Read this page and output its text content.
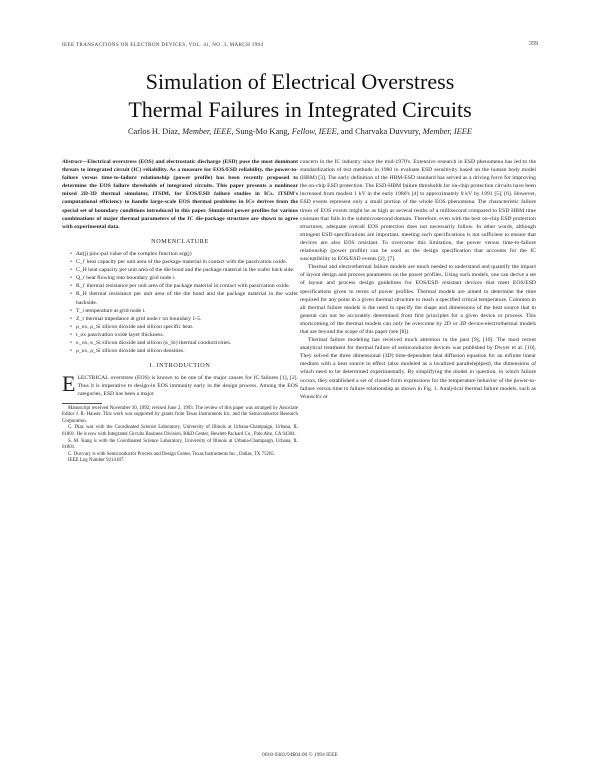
IEEE TRANSACTIONS ON ELECTRON DEVICES, VOL. 41, NO. 3, MARCH 1994	359
Simulation of Electrical Overstress
Thermal Failures in Integrated Circuits
Carlos H. Díaz, Member, IEEE, Sung-Mo Kang, Fellow, IEEE, and Charvaka Duvvury, Member, IEEE
Abstract—Electrical overstress (EOS) and electrostatic discharge (ESD) pose the most dominant threats to integrated circuit (IC) reliability. As a measure for EOS/ESD reliability, the power-to-failure versus time-to-failure relationship (power profile) has been recently proposed to determine the EOS failure thresholds of integrated circuits. This paper presents a nonlinear mixed 2D-3D thermal simulator, iTSIM, for EOS/ESD failure studies in ICs. iTSIM's computational efficiency to handle large-scale EOS thermal problems in ICs derives from the special set of boundary conditions introduced in this paper. Simulated power profiles for various combinations of major thermal parameters of the IC die-package structure are shown to agree with experimental data.
NOMENCLATURE
• Δα(j) pinc-pal value of the complex function arg(j)
• C_i' heat capacity per unit area of the package material in contact with the passivation oxide.
• C_H heat capacity per unit area of the die bond and the package material in the wafer back side.
• Q_r heat flowing into boundary grid node r.
• R_i' thermal resistance per unit area of the package material in contact with passivation oxide.
• R_H thermal resistance per unit area of the die bond and the package material in the wafer backside.
• T_i temperature at grid node i.
• Z_r thermal impedance at grid node r on boundary 1-5.
• ρ_ox, ρ_Si silicon dioxide and silicon specific heat.
• t_ox passivation oxide layer thickness.
• κ_ox, κ_Si silicon dioxide and silicon (κ_Si) thermal conductivities.
• ρ_ox, ρ_Si silicon dioxide and silicon densities.
I. INTRODUCTION

ELECTRICAL overstress (EOS) is known to be one of the major causes for IC failures [1], [2]. Thus it is imperative to design-in EOS immunity early in the design process. Among the EOS categories, ESD has been a major

Manuscript received November 30, 1992; revised June 2, 1993. The review of this paper was arranged by Associate Editor J. R. Hauser. This work was supported by grants from Texas Instruments Inc. and the Semiconductor Research Corporation.

C. Díaz was with the Coordinated Science Laboratory, University of Illinois at Urbana-Champaign, Urbana, IL 61801. He is now with Integrated Circuits Business Division, R&D Center, Hewlett-Packard Co., Palo Alto, CA 94304.

S. M. Kang is with the Coordinated Science Laboratory, University of Illinois at Urbana-Champaign, Urbana, IL 61801.

C. Duvvury is with Semiconductor Process and Design Center, Texas Instruments Inc., Dallas, TX 75265.

IEEE Log Number 9214187.

concern in the IC industry since the mid-1970's. Extensive research in ESD phenomena has led to the standardization of test methods in 1980 to evaluate ESD sensitivity based on the human body model (HBM) [3]. The early definition of the HBM-ESD standard has served as a driving force for improving the on-chip ESD protection. The ESD-HBM failure thresholds for on-chip protection circuits have been increased from modest 1 kV in the early 1980's [4] to approximately 8 kV by 1991 [5], [6]. However, ESD events represent only a small portion of the whole EOS phenomena. The characteristic failure times of EOS events might be as high as several tenths of a millisecond compared to ESD HBM time constant that falls in the submicrosecond domain. Therefore, even with the best on-chip ESD protection structures, adequate overall EOS protection does not necessarily follow. In other words, although stringent ESD specifications are important, meeting such specifications is not sufficient to ensure that devices are also EOS resistant. To overcome this limitation, the power versus time-to-failure relationship (power profile) can be used as the design specification that accounts for the IC susceptibility to EOS/ESD events [2], [7].

Thermal and electrothermal failure models are much needed to understand and quantify the impact of layout design and process parameters on the power profiles. Using such models, one can derive a set of layout and process design guidelines for EOS/ESD resistant devices that meet EOS/ESD specifications given in terms of power profiles. Thermal models are aimed to determine the time required for any point in a given thermal structure to reach a specified critical temperature. Common to all thermal failure models is the need to specify the shape and dimensions of the heat source that in general can not be accurately determined from first principles for a given device or process. This shortcoming of the thermal models can only be overcome by 2D or 3D device-electrothermal models that are beyond the scope of this paper (see [8]).

Thermal failure modeling has received much attention in the past [9], [10]. The most recent analytical treatment for thermal failure of semiconductor devices was published by Dwyer et al. [10]. They solved the three dimensional (3D) time-dependent heat diffusion equation for an infinite linear medium with a heat source in effect (also modeled as a localized parallelepiped), the dimensions of which need to be determined experimentally. By simplifying the model in question, in which failure occurs, they established a set of closed-form expressions for the temperature behavior of the power-to-failure versus time to failure relationship as shown in Fig. 1. Analytical thermal failure models, such as Wunsch's or

0018-9383/94$04.00 © 1994 IEEE
